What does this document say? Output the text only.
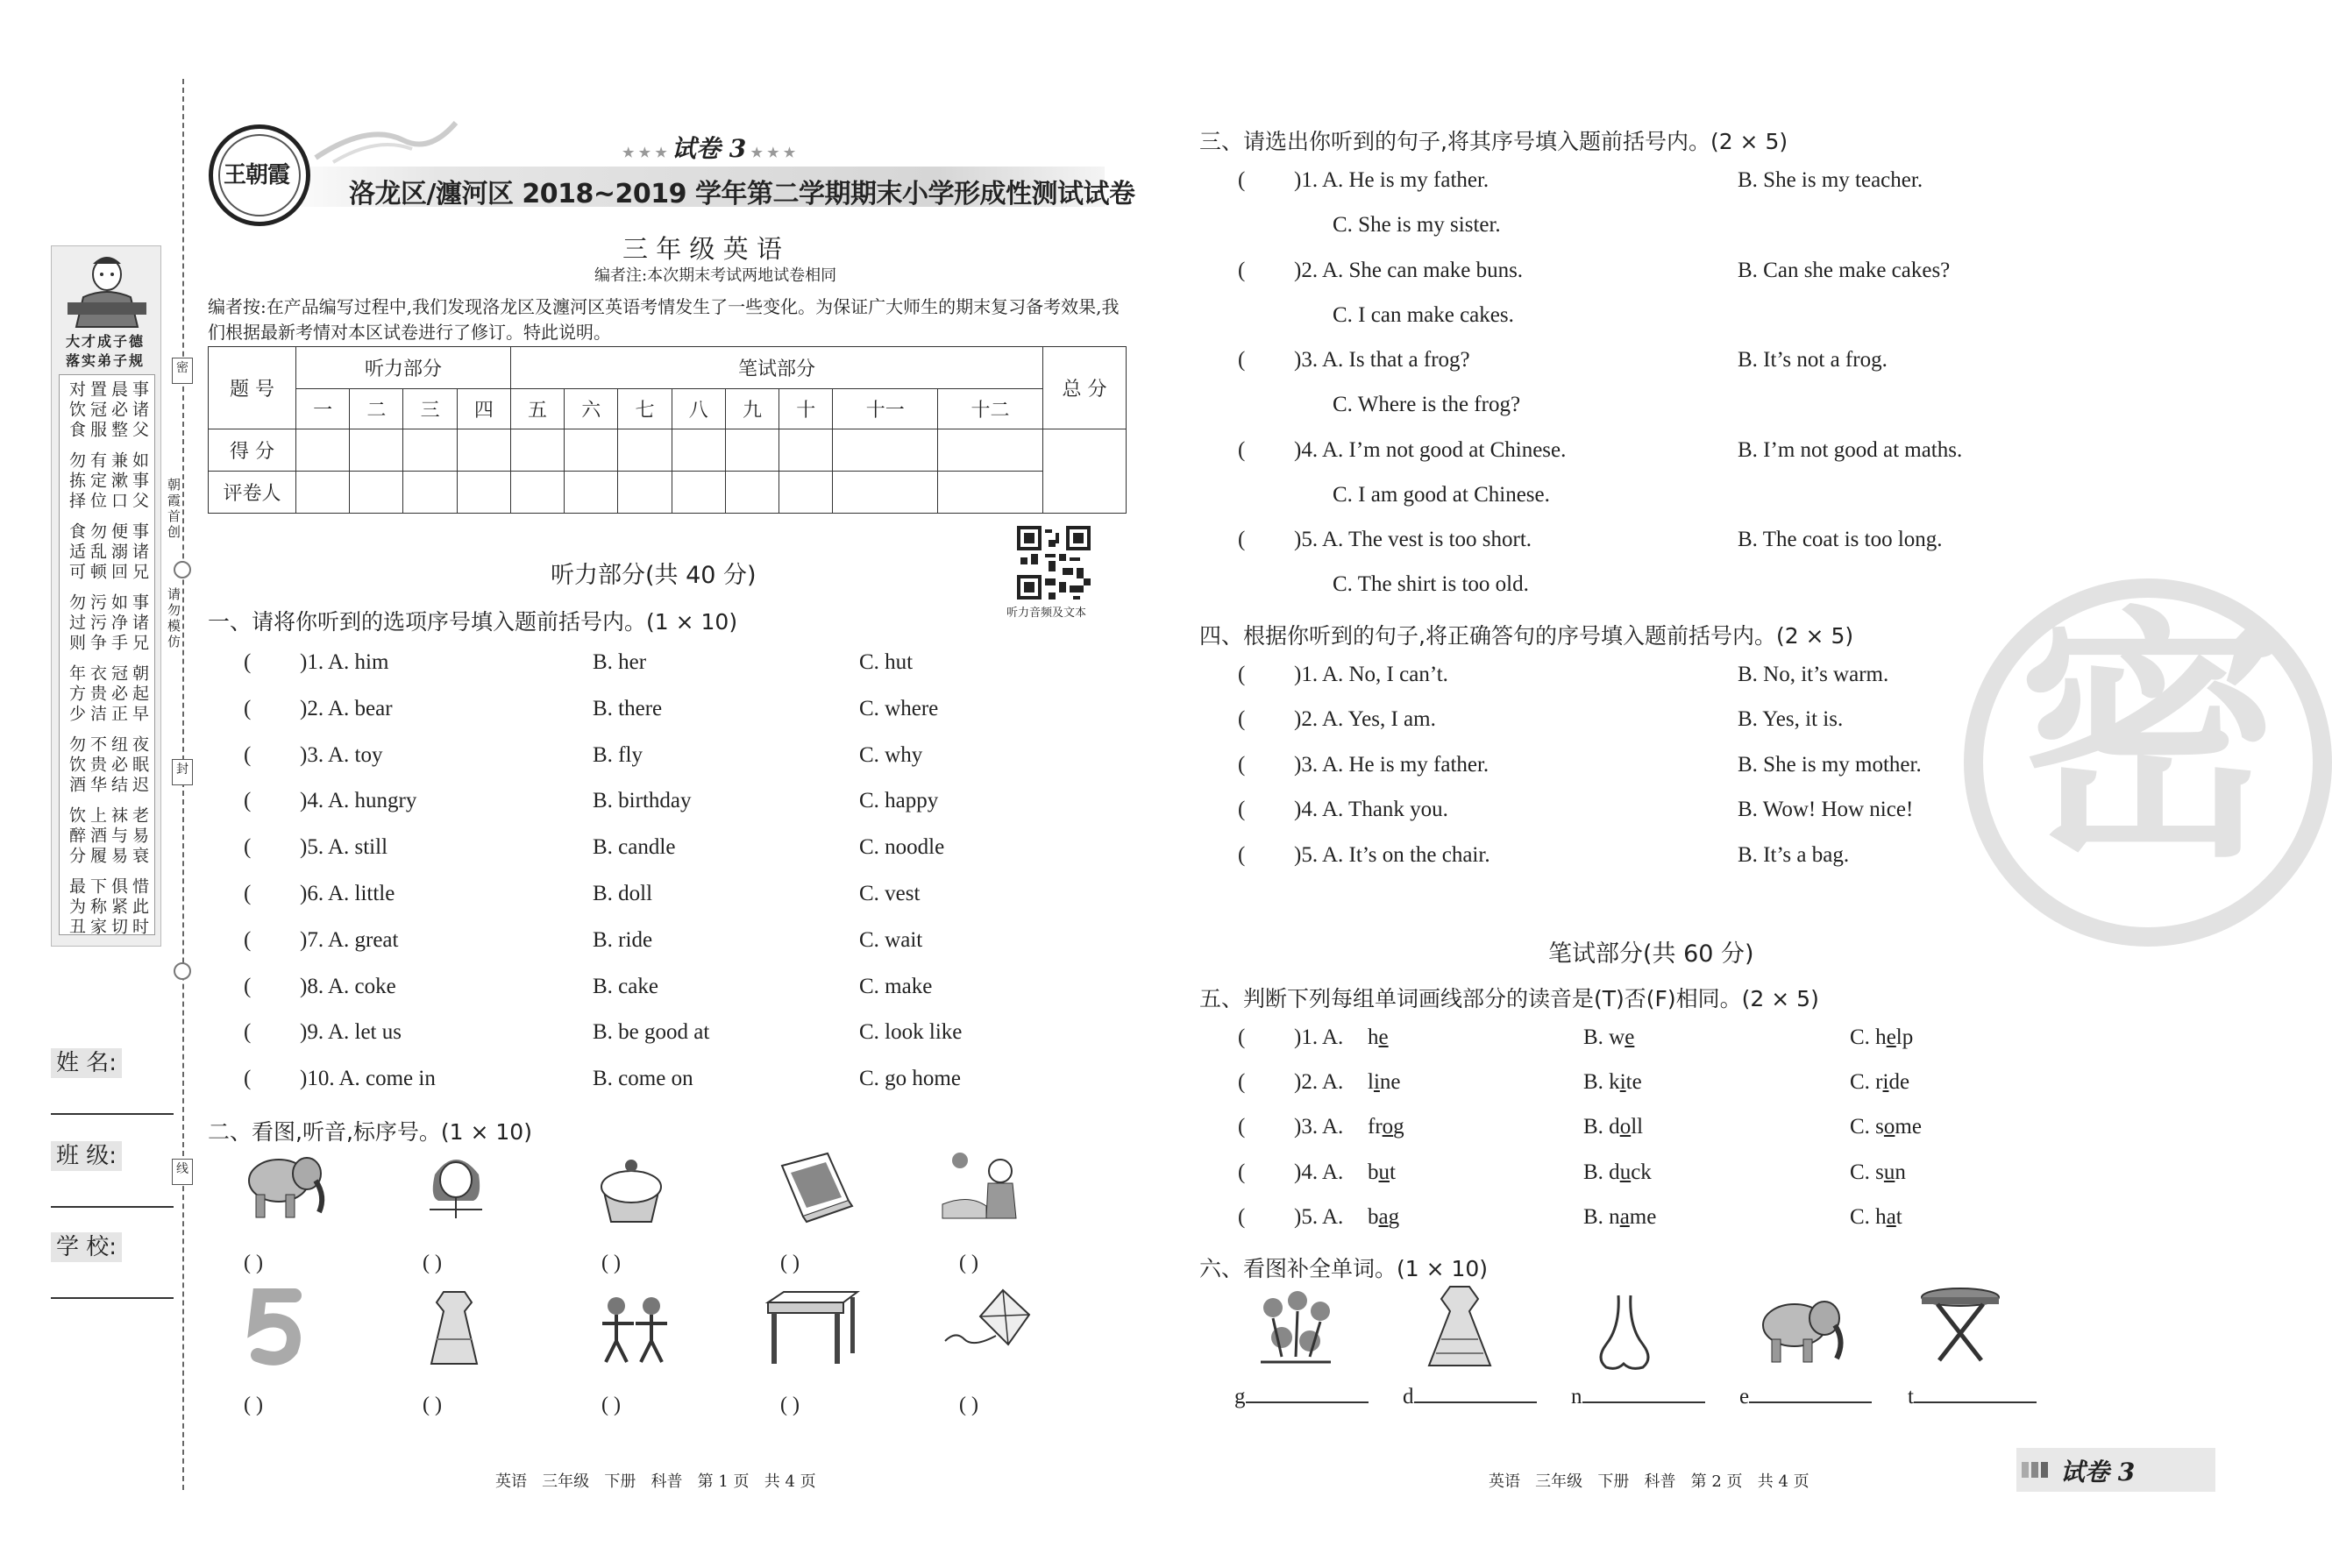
大才成子德
落实弟子规
对饮食 置冠服 晨必整 事诸父
勿拣择 有定位 兼漱口 如事父
食适可 勿乱顿 便溺回 事诸兄
勿过则 污污争 如净手 事诸兄
年方少 衣贵洁 冠必正 朝起早
勿饮酒 不贵华 纽必结 夜眠迟
饮醉分 上酒履 袜与易 老易衰
最为丑 下称家 俱紧切 惜此时
朝霞首创
请勿模仿
密
封
线
姓 名:
班 级:
学 校:
王朝霞
★ ★ ★ 试卷 3 ★ ★ ★
洛龙区/瀍河区 2018~2019 学年第二学期期末小学形成性测试试卷
三 年 级 英 语
编者注:本次期末考试两地试卷相同
编者按:在产品编写过程中,我们发现洛龙区及瀍河区英语考情发生了一些变化。为保证广大师生的期末复习备考效果,我们根据最新考情对本区试卷进行了修订。特此说明。
题 号	听力部分				笔试部分								总 分
	一	二	三	四	五	六	七	八	九	十	十一	十二	
得 分													
评卷人													
听力音频及文本
听力部分(共 40 分)
一、请将你听到的选项序号填入题前括号内。(1 × 10)
( )1. A. him	B. her	C. hut
( )2. A. bear	B. there	C. where
( )3. A. toy	B. fly	C. why
( )4. A. hungry	B. birthday	C. happy
( )5. A. still	B. candle	C. noodle
( )6. A. little	B. doll	C. vest
( )7. A. great	B. ride	C. wait
( )8. A. coke	B. cake	C. make
( )9. A. let us	B. be good at	C. look like
( )10. A. come in	B. come on	C. go home
二、看图,听音,标序号。(1 × 10)
( )	( )	( )	( )	( )
( )	( )	( )	( )	( )
三、请选出你听到的句子,将其序号填入题前括号内。(2 × 5)
( )1. A. He is my father.	B. She is my teacher.
C. She is my sister.
( )2. A. She can make buns.	B. Can she make cakes?
C. I can make cakes.
( )3. A. Is that a frog?	B. It’s not a frog.
C. Where is the frog?
( )4. A. I’m not good at Chinese.	B. I’m not good at maths.
C. I am good at Chinese.
( )5. A. The vest is too short.	B. The coat is too long.
C. The shirt is too old.
四、根据你听到的句子,将正确答句的序号填入题前括号内。(2 × 5)
( )1. A. No, I can’t.	B. No, it’s warm.
( )2. A. Yes, I am.	B. Yes, it is.
( )3. A. He is my father.	B. She is my mother.
( )4. A. Thank you.	B. Wow! How nice!
( )5. A. It’s on the chair.	B. It’s a bag.
笔试部分(共 60 分)
五、判断下列每组单词画线部分的读音是(T)否(F)相同。(2 × 5)
( )1. A. he	B. we	C. help
( )2. A. line	B. kite	C. ride
( )3. A. frog	B. doll	C. some
( )4. A. but	B. duck	C. sun
( )5. A. bag	B. name	C. hat
六、看图补全单词。(1 × 10)
g	d	n	e	t
密
英语   三年级   下册   科普   第 1 页   共 4 页	英语   三年级   下册   科普   第 2 页   共 4 页	试卷 3
